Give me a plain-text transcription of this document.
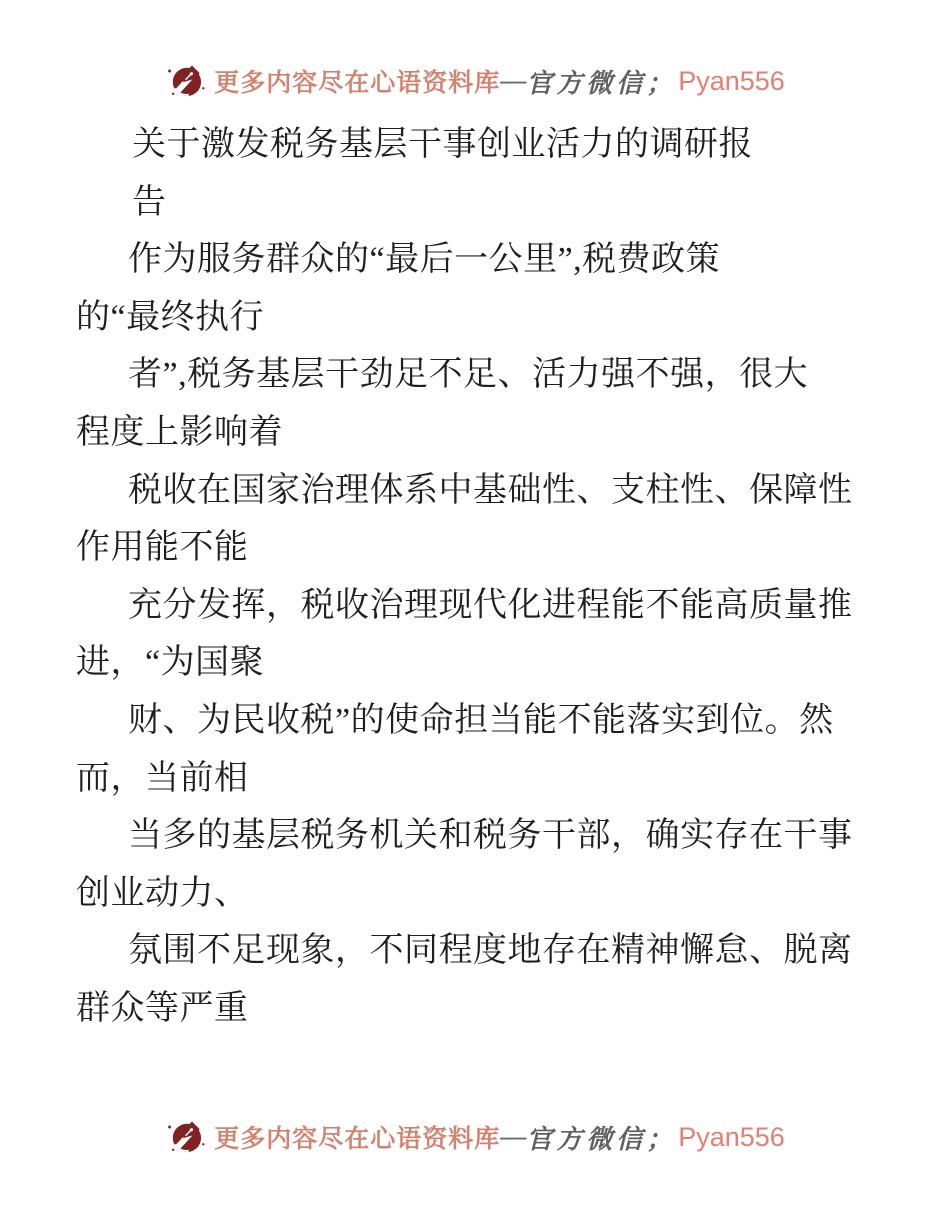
更多内容尽在心语资料库 — 官方微信； Pyan556
关于激发税务基层干事创业活力的调研报
告
作为服务群众的“最后一公里”,税费政策
的“最终执行
者”,税务基层干劲足不足、活力强不强，很大
程度上影响着
税收在国家治理体系中基础性、支柱性、保障性
作用能不能
充分发挥，税收治理现代化进程能不能高质量推
进，“为国聚
财、为民收税”的使命担当能不能落实到位。然
而，当前相
当多的基层税务机关和税务干部，确实存在干事
创业动力、
氛围不足现象，不同程度地存在精神懈怠、脱离
群众等严重
更多内容尽在心语资料库 — 官方微信； Pyan556
